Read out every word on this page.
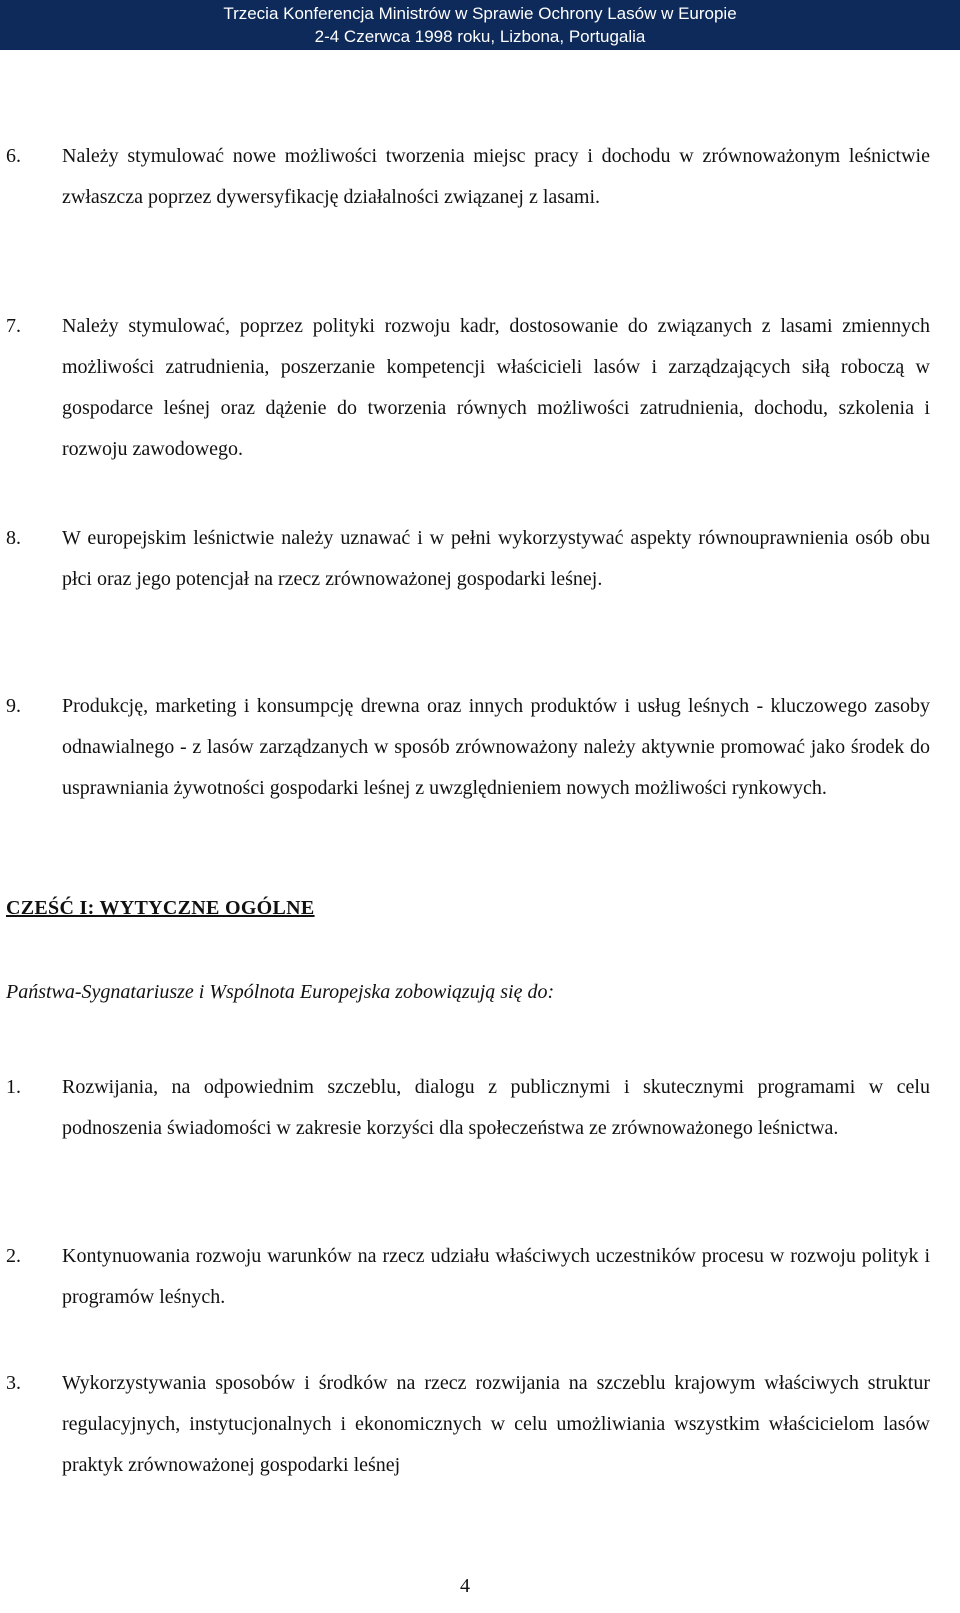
Trzecia Konferencja Ministrów w Sprawie Ochrony Lasów w Europie
2-4 Czerwca 1998 roku, Lizbona, Portugalia
6.	Należy stymulować nowe możliwości tworzenia miejsc pracy i dochodu w zrównoważonym leśnictwie zwłaszcza poprzez dywersyfikację działalności związanej z lasami.
7.	Należy stymulować, poprzez polityki rozwoju kadr, dostosowanie do związanych z lasami zmiennych możliwości zatrudnienia, poszerzanie kompetencji właścicieli lasów i zarządzających siłą roboczą w gospodarce leśnej oraz dążenie do tworzenia równych możliwości zatrudnienia, dochodu, szkolenia i rozwoju zawodowego.
8.	W europejskim leśnictwie należy uznawać i w pełni wykorzystywać aspekty równouprawnienia osób obu płci oraz jego potencjał na rzecz zrównoważonej gospodarki leśnej.
9.	Produkcję, marketing i konsumpcję drewna oraz innych produktów i usług leśnych - kluczowego zasoby odnawialnego - z lasów zarządzanych w sposób zrównoważony należy aktywnie promować jako środek do usprawniania żywotności gospodarki leśnej z uwzględnieniem nowych możliwości rynkowych.
CZEŚĆ I: WYTYCZNE OGÓLNE
Państwa-Sygnatariusze i Wspólnota Europejska zobowiązują się do:
1.	Rozwijania, na odpowiednim szczeblu, dialogu z publicznymi i skutecznymi programami w celu podnoszenia świadomości w zakresie korzyści dla społeczeństwa ze zrównoważonego leśnictwa.
2.	Kontynuowania rozwoju warunków na rzecz udziału właściwych uczestników procesu w rozwoju polityk i programów leśnych.
3.	Wykorzystywania sposobów i środków na rzecz rozwijania na szczeblu krajowym właściwych struktur regulacyjnych, instytucjonalnych i ekonomicznych w celu umożliwiania wszystkim właścicielom lasów praktyk zrównoważonej gospodarki leśnej
4
